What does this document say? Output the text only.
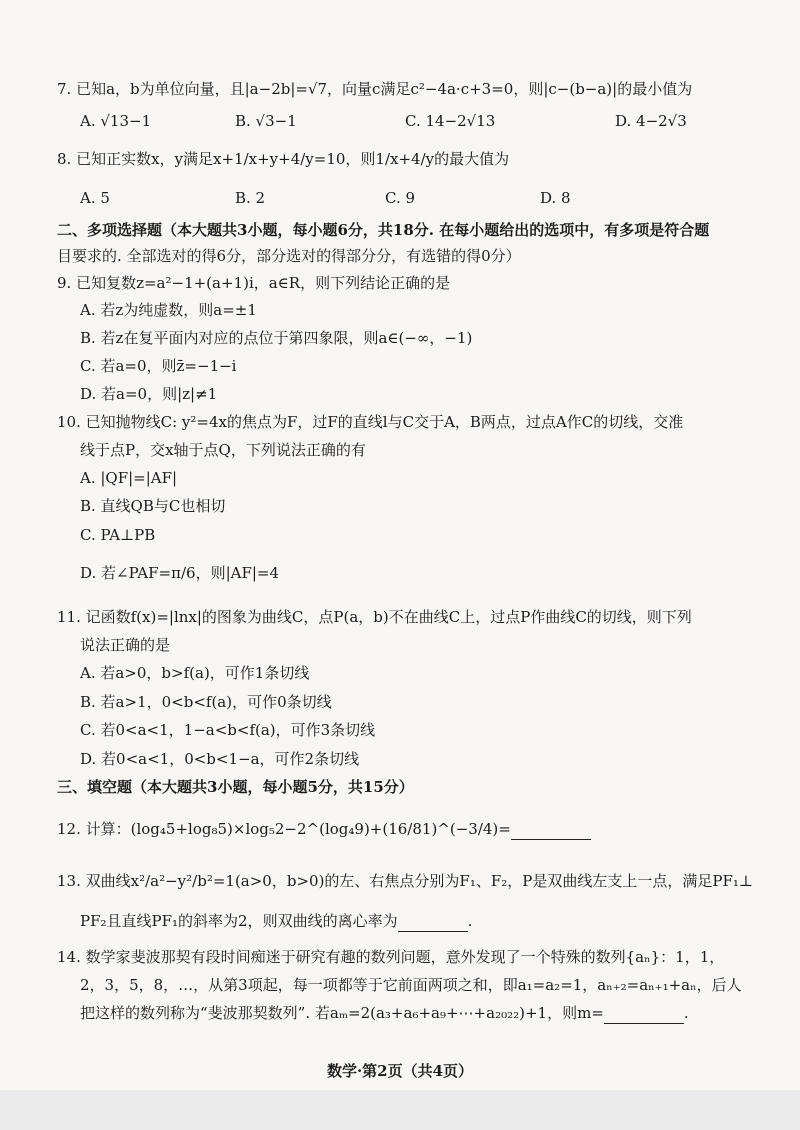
7. 已知a，b为单位向量，且|a−2b|=√7，向量c满足c²−4a·c+3=0，则|c−(b−a)|的最小值为
A. √13−1	B. √3−1	C. 14−2√13	D. 4−2√3
8. 已知正实数x，y满足x+1/x+y+4/y=10，则1/x+4/y的最大值为
A. 5	B. 2	C. 9	D. 8
二、多项选择题（本大题共3小题，每小题6分，共18分. 在每小题给出的选项中，有多项是符合题
目要求的. 全部选对的得6分，部分选对的得部分分，有选错的得0分）
9. 已知复数z=a²−1+(a+1)i，a∈R，则下列结论正确的是
A. 若z为纯虚数，则a=±1
B. 若z在复平面内对应的点位于第四象限，则a∈(−∞，−1)
C. 若a=0，则z̄=−1−i
D. 若a=0，则|z|≠1
10. 已知抛物线C: y²=4x的焦点为F，过F的直线l与C交于A，B两点，过点A作C的切线，交准
线于点P，交x轴于点Q，下列说法正确的有
A. |QF|=|AF|
B. 直线QB与C也相切
C. PA⊥PB
D. 若∠PAF=π/6，则|AF|=4
11. 记函数f(x)=|lnx|的图象为曲线C，点P(a，b)不在曲线C上，过点P作曲线C的切线，则下列
说法正确的是
A. 若a>0，b>f(a)，可作1条切线
B. 若a>1，0<b<f(a)，可作0条切线
C. 若0<a<1，1−a<b<f(a)，可作3条切线
D. 若0<a<1，0<b<1−a，可作2条切线
三、填空题（本大题共3小题，每小题5分，共15分）
12. 计算：(log₄5+log₈5)×log₅2−2^(log₄9)+(16/81)^(−3/4)=
13. 双曲线x²/a²−y²/b²=1(a>0，b>0)的左、右焦点分别为F₁、F₂，P是双曲线左支上一点，满足PF₁⊥
PF₂且直线PF₁的斜率为2，则双曲线的离心率为	.
14. 数学家斐波那契有段时间痴迷于研究有趣的数列问题，意外发现了一个特殊的数列{aₙ}：1，1，
2，3，5，8，…，从第3项起，每一项都等于它前面两项之和，即a₁=a₂=1，aₙ₊₂=aₙ₊₁+aₙ，后人
把这样的数列称为“斐波那契数列”. 若aₘ=2(a₃+a₆+a₉+⋯+a₂₀₂₂)+1，则m=	.
数学·第2页（共4页）
